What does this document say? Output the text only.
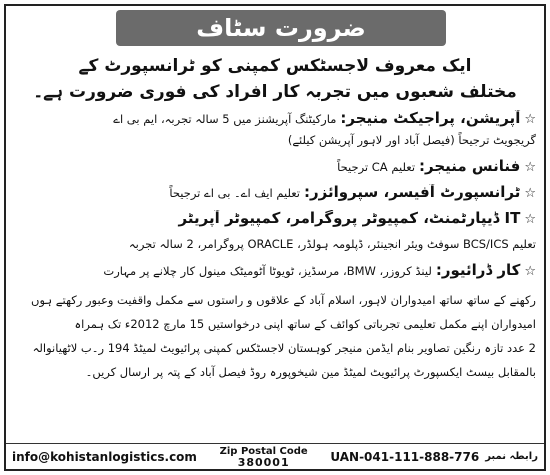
ضرورت سٹاف
ایک معروف لاجسٹکس کمپنی کو ٹرانسپورٹ کے
مختلف شعبوں میں تجربہ کار افراد کی فوری ضرورت ہے۔
☆
آپریشن، پراجیکٹ منیجر:
مارکیٹنگ آپریشنز میں 5 سالہ تجربہ، ایم بی اے
گریجویٹ ترجیحاً (فیصل آباد اور لاہور آپریشن کیلئے)
☆
فنانس منیجر:
تعلیم CA ترجیحاً
☆
ٹرانسپورٹ آفیسر، سپروائزر:
تعلیم ایف اے۔ بی اے ترجیحاً
☆
IT ڈیپارٹمنٹ، کمپیوٹر پروگرامر، کمپیوٹر آپریٹر
تعلیم BCS/ICS سوفٹ ویئر انجینئر، ڈپلومہ ہولڈر، ORACLE پروگرامر، 2 سالہ تجربہ
☆
کار ڈرائیور:
لینڈ کروزر، BMW، مرسڈیز، ٹویوٹا آٹومیٹک مینول کار چلانے پر مہارت
رکھنے کے ساتھ ساتھ امیدواران لاہور، اسلام آباد کے علاقوں و راستوں سے مکمل واقفیت وعبور رکھتے ہوں
امیدواران اپنے مکمل تعلیمی تجرباتی کوائف کے ساتھ اپنی درخواستیں 15 مارچ 2012ء تک ہمراہ
2 عدد تازہ رنگین تصاویر بنام ایڈمن منیجر کوہستان لاجسٹکس کمپنی پرائیویٹ لمیٹڈ 194 ر۔ب لاٹھیانوالہ
بالمقابل بیسٹ ایکسپورٹ پرائیویٹ لمیٹڈ مین شیخوپورہ روڈ فیصل آباد کے پتہ پر ارسال کریں۔
info@kohistanlogistics.com Zip Postal Code
380001	UAN-041-111-888-776 رابطہ نمبر
